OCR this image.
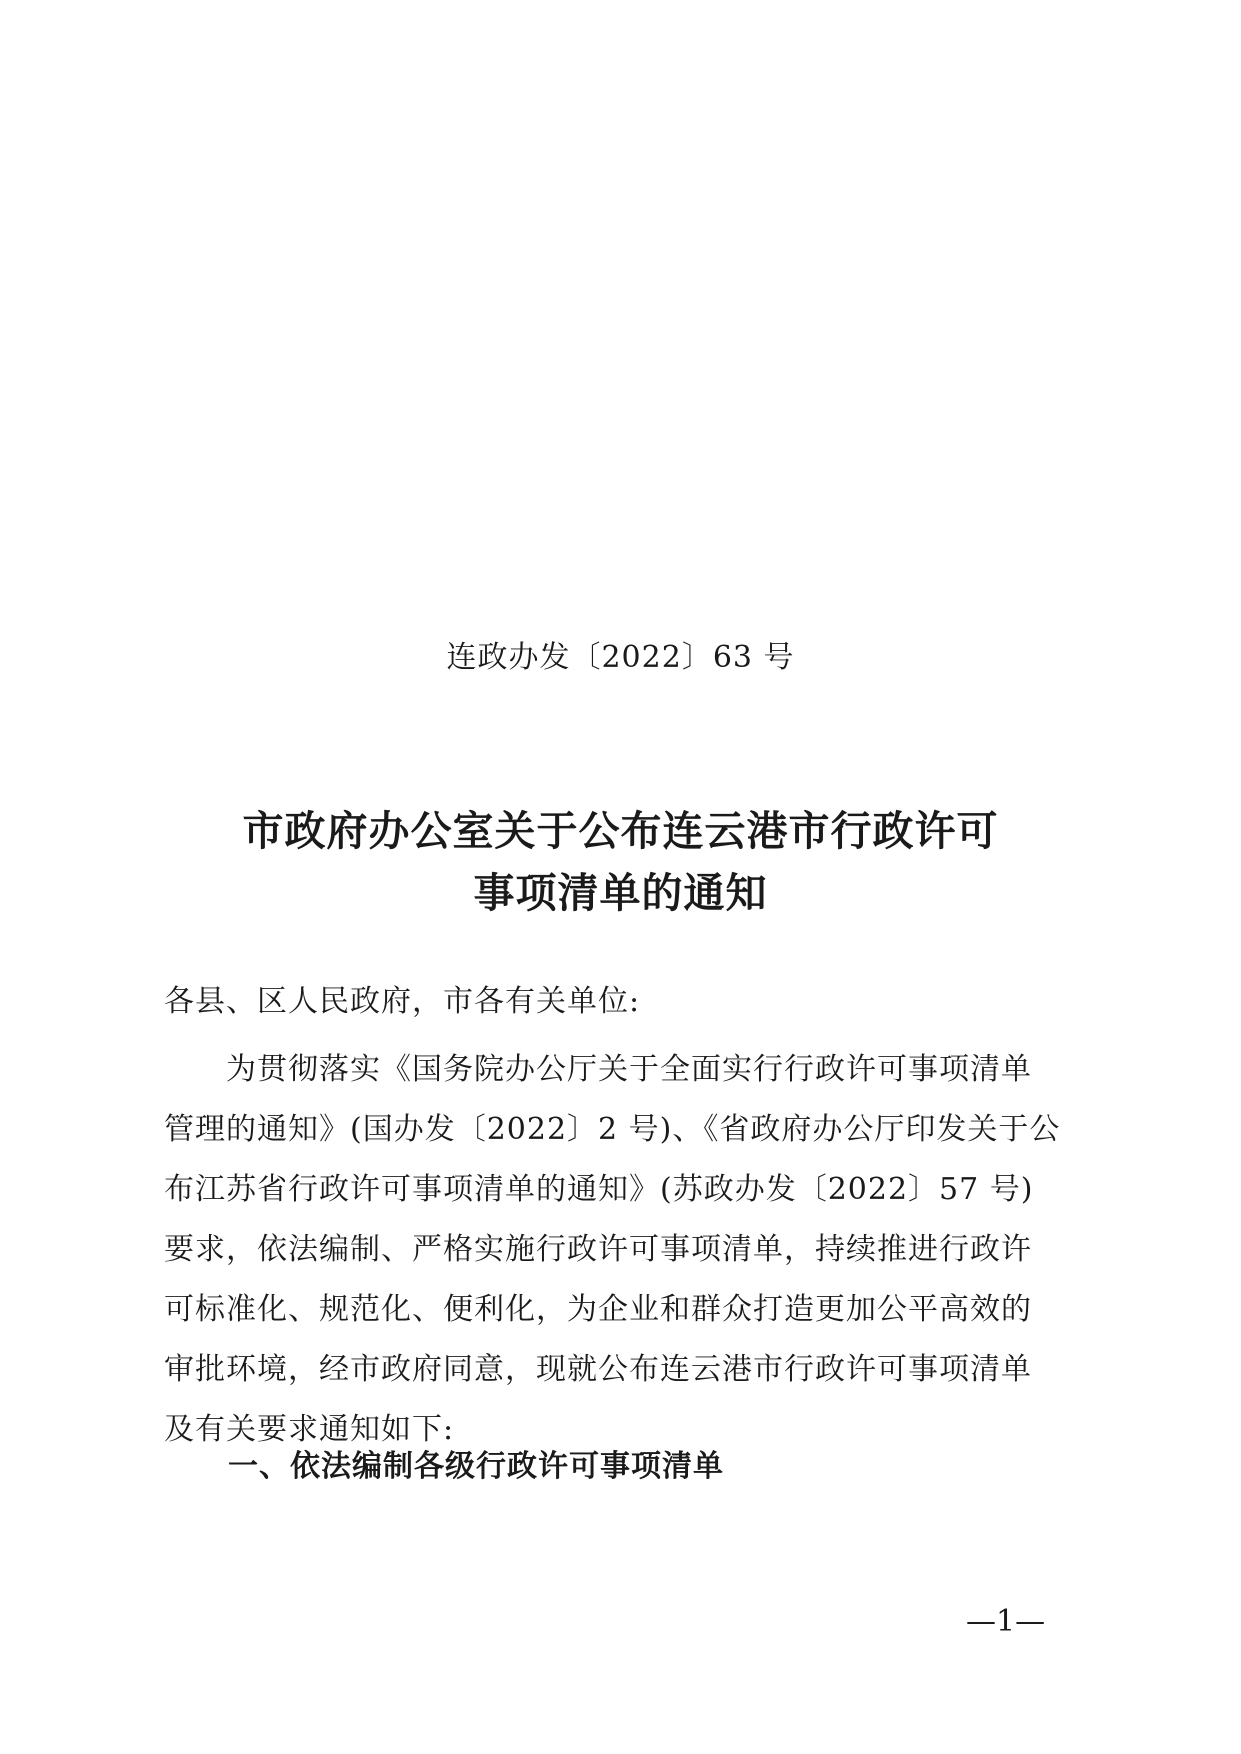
连政办发〔2022〕63 号
市政府办公室关于公布连云港市行政许可
事项清单的通知
各县、区人民政府，市各有关单位:
为贯彻落实《国务院办公厅关于全面实行行政许可事项清单
管理的通知》(国办发〔2022〕2 号)、《省政府办公厅印发关于公
布江苏省行政许可事项清单的通知》(苏政办发〔2022〕57 号)
要求，依法编制、严格实施行政许可事项清单，持续推进行政许
可标准化、规范化、便利化，为企业和群众打造更加公平高效的
审批环境，经市政府同意，现就公布连云港市行政许可事项清单
及有关要求通知如下:
一、依法编制各级行政许可事项清单
—1—
